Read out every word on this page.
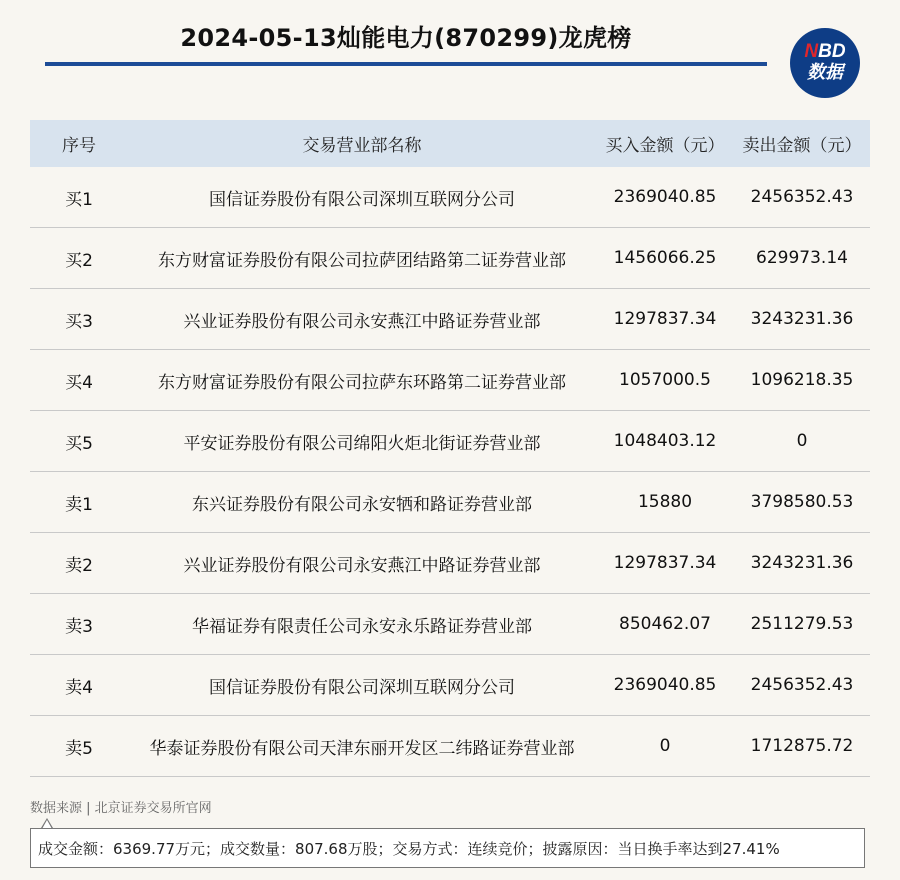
2024-05-13灿能电力(870299)龙虎榜	NBD
数据
序号	交易营业部名称	买入金额（元）	卖出金额（元）
买1	国信证券股份有限公司深圳互联网分公司	2369040.85	2456352.43
买2	东方财富证券股份有限公司拉萨团结路第二证券营业部	1456066.25	629973.14
买3	兴业证券股份有限公司永安燕江中路证券营业部	1297837.34	3243231.36
买4	东方财富证券股份有限公司拉萨东环路第二证券营业部	1057000.5	1096218.35
买5	平安证券股份有限公司绵阳火炬北街证券营业部	1048403.12	0
卖1	东兴证券股份有限公司永安牺和路证券营业部	15880	3798580.53
卖2	兴业证券股份有限公司永安燕江中路证券营业部	1297837.34	3243231.36
卖3	华福证券有限责任公司永安永乐路证券营业部	850462.07	2511279.53
卖4	国信证券股份有限公司深圳互联网分公司	2369040.85	2456352.43
卖5	华泰证券股份有限公司天津东丽开发区二纬路证券营业部	0	1712875.72
数据来源 | 北京证券交易所官网
成交金额：6369.77万元；成交数量：807.68万股；交易方式：连续竞价；披露原因：当日换手率达到27.41%
